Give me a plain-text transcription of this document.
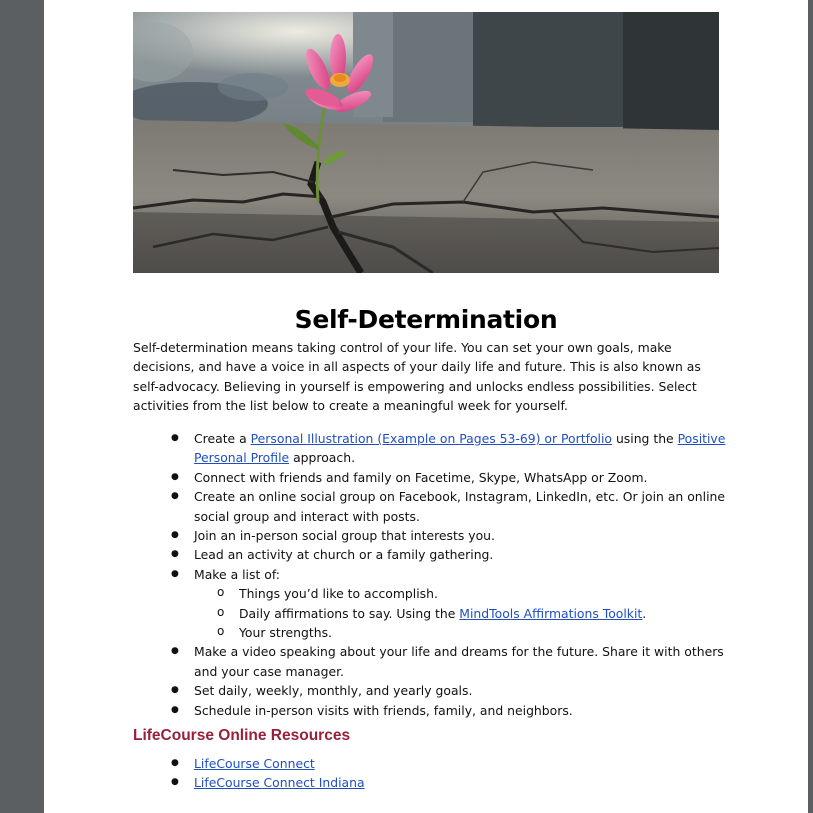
Self-Determination

Self-determination means taking control of your life. You can set your own goals, make decisions, and have a voice in all aspects of your daily life and future. This is also known as self-advocacy. Believing in yourself is empowering and unlocks endless possibilities. Select activities from the list below to create a meaningful week for yourself.

● Create a Personal Illustration (Example on Pages 53-69) or Portfolio using the Positive Personal Profile approach.
● Connect with friends and family on Facetime, Skype, WhatsApp or Zoom.
● Create an online social group on Facebook, Instagram, LinkedIn, etc. Or join an online social group and interact with posts.
● Join an in-person social group that interests you.
● Lead an activity at church or a family gathering.
● Make a list of:
o Things you’d like to accomplish.
o Daily affirmations to say. Using the MindTools Affirmations Toolkit.
o Your strengths.
● Make a video speaking about your life and dreams for the future. Share it with others and your case manager.
● Set daily, weekly, monthly, and yearly goals.
● Schedule in-person visits with friends, family, and neighbors.
LifeCourse Online Resources
● LifeCourse Connect
● LifeCourse Connect Indiana
